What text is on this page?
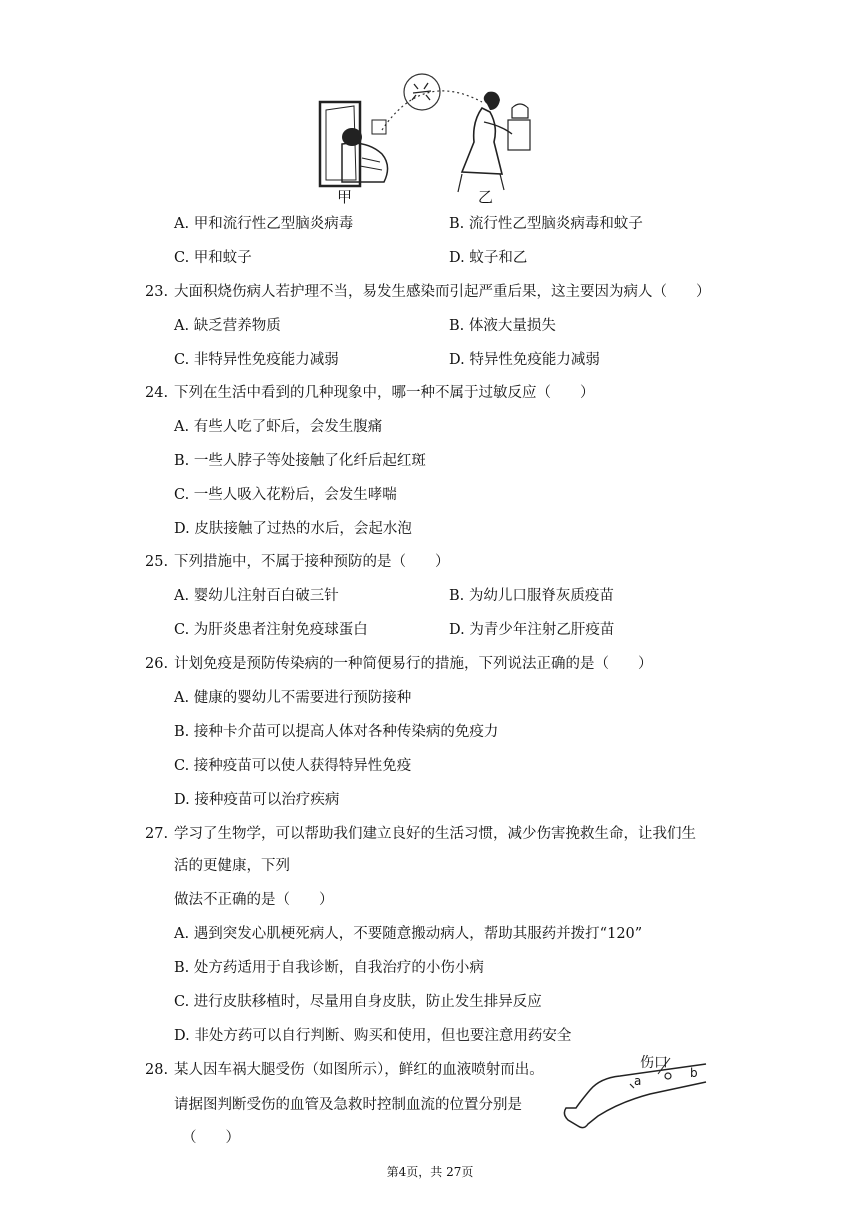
甲	乙
A. 甲和流行性乙型脑炎病毒	B. 流行性乙型脑炎病毒和蚊子
C. 甲和蚊子	D. 蚊子和乙
23. 大面积烧伤病人若护理不当，易发生感染而引起严重后果，这主要因为病人（　　）
A. 缺乏营养物质	B. 体液大量损失
C. 非特异性免疫能力减弱	D. 特异性免疫能力减弱
24. 下列在生活中看到的几种现象中，哪一种不属于过敏反应（　　）
A. 有些人吃了虾后，会发生腹痛
B. 一些人脖子等处接触了化纤后起红斑
C. 一些人吸入花粉后，会发生哮喘
D. 皮肤接触了过热的水后，会起水泡
25. 下列措施中，不属于接种预防的是（　　）
A. 婴幼儿注射百白破三针	B. 为幼儿口服脊灰质疫苗
C. 为肝炎患者注射免疫球蛋白	D. 为青少年注射乙肝疫苗
26. 计划免疫是预防传染病的一种简便易行的措施，下列说法正确的是（　　）
A. 健康的婴幼儿不需要进行预防接种
B. 接种卡介苗可以提高人体对各种传染病的免疫力
C. 接种疫苗可以使人获得特异性免疫
D. 接种疫苗可以治疗疾病
27. 学习了生物学，可以帮助我们建立良好的生活习惯，减少伤害挽救生命，让我们生
活的更健康，下列
做法不正确的是（　　）
A. 遇到突发心肌梗死病人，不要随意搬动病人，帮助其服药并拨打“120”
B. 处方药适用于自我诊断，自我治疗的小伤小病
C. 进行皮肤移植时，尽量用自身皮肤，防止发生排异反应
D. 非处方药可以自行判断、购买和使用，但也要注意用药安全
28. 某人因车祸大腿受伤（如图所示），鲜红的血液喷射而出。
请据图判断受伤的血管及急救时控制血流的位置分别是
（　　）
伤口
a
b
第4页，共 27页
